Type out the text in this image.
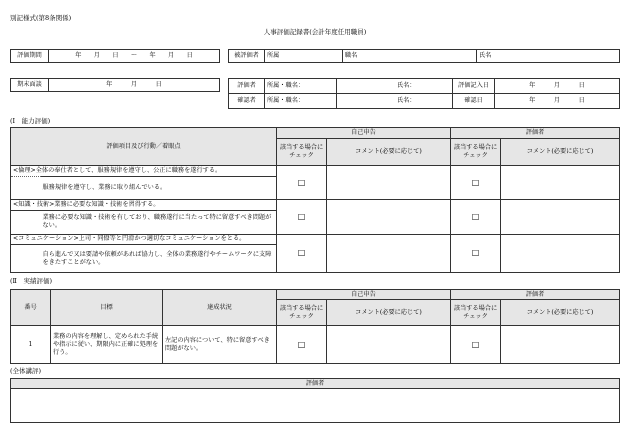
別記様式(第8条関係)
人事評価記録書(会計年度任用職員)
評価期間	年　　月　　日　　～　　年　　月　　日	被評価者	所属	職名	氏名
期末面談	年　　　月　　　日	評価者	所属・職名：	氏名：	評価記入日	年　　　月　　　日
確認者	所属・職名：	氏名：	確認日	年　　　月　　　日
(Ⅰ　能力評価)
評価項目及び行動／着眼点		自己申告		評価者	
		該当する場合にチェック	コメント(必要に応じて)	該当する場合にチェック	コメント(必要に応じて)
<倫理>全体の奉仕者として、服務規律を遵守し、公正に職務を遂行する。		□		□	
	服務規律を遵守し、業務に取り組んでいる。				
<知識・技術>業務に必要な知識・技術を習得する。		□		□	
	業務に必要な知識・技術を有しており、職務遂行に当たって特に留意すべき問題がない。				
<コミュニケーション>上司・同僚等と円滑かつ適切なコミュニケーションをとる。		□		□	
	自ら進んで又は要請や依頼があれば協力し、全体の業務遂行やチームワークに支障をきたすことがない。				
(Ⅱ　実績評価)
番号	目標	達成状況	自己申告		評価者	
			該当する場合にチェック	コメント(必要に応じて)	該当する場合にチェック	コメント(必要に応じて)
1	業務の内容を理解し、定められた手続や指示に従い、期限内に正確に処理を行う。	左記の内容について、特に留意すべき問題がない。	□		□	
(全体講評)
評価者
